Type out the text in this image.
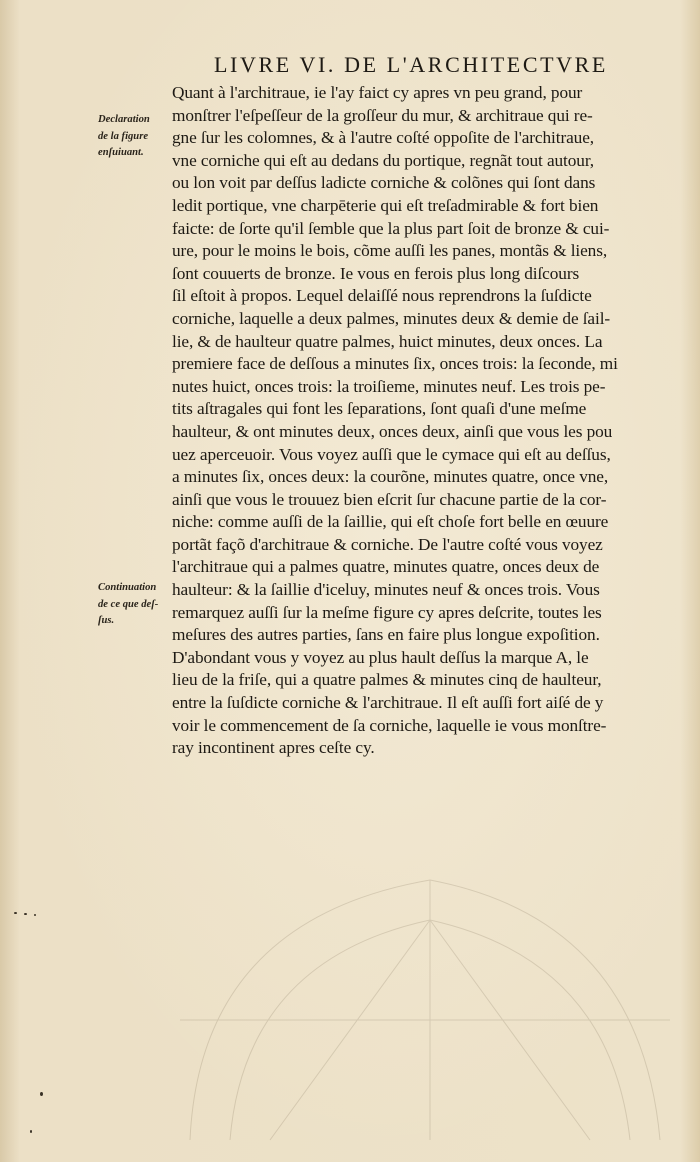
LIVRE VI. DE L'ARCHITECTVRE
Declaration
de la figure
enſuiuant.
Continuation
de ce que deſ-
ſus.
Quant à l'architraue, ie l'ay faict cy apres vn peu grand, pour
monſtrer l'eſpeſſeur de la groſſeur du mur, & architraue qui re-
gne ſur les colomnes, & à l'autre coſté oppoſite de l'architraue,
vne corniche qui eſt au dedans du portique, regnãt tout autour,
ou lon voit par deſſus ladicte corniche & colõnes qui ſont dans
ledit portique, vne charpēterie qui eſt treſadmirable & fort bien
faicte: de ſorte qu'il ſemble que la plus part ſoit de bronze & cui-
ure, pour le moins le bois, cõme auſſi les panes, montãs & liens,
ſont couuerts de bronze. Ie vous en ferois plus long diſcours
ſil eſtoit à propos. Lequel delaiſſé nous reprendrons la ſuſdicte
corniche, laquelle a deux palmes, minutes deux & demie de ſail-
lie, & de haulteur quatre palmes, huict minutes, deux onces. La
premiere face de deſſous a minutes ſix, onces trois: la ſeconde, mi
nutes huict, onces trois: la troiſieme, minutes neuf. Les trois pe-
tits aſtragales qui font les ſeparations, ſont quaſi d'une meſme
haulteur, & ont minutes deux, onces deux, ainſi que vous les pou
uez aperceuoir. Vous voyez auſſi que le cymace qui eſt au deſſus,
a minutes ſix, onces deux: la courõne, minutes quatre, once vne,
ainſi que vous le trouuez bien eſcrit ſur chacune partie de la cor-
niche: comme auſſi de la ſaillie, qui eſt choſe fort belle en œuure
portãt façõ d'architraue & corniche. De l'autre coſté vous voyez
l'architraue qui a palmes quatre, minutes quatre, onces deux de
haulteur: & la ſaillie d'iceluy, minutes neuf & onces trois. Vous
remarquez auſſi ſur la meſme figure cy apres deſcrite, toutes les
meſures des autres parties, ſans en faire plus longue expoſition.
D'abondant vous y voyez au plus hault deſſus la marque A, le
lieu de la friſe, qui a quatre palmes & minutes cinq de haulteur,
entre la ſuſdicte corniche & l'architraue. Il eſt auſſi fort aiſé de y
voir le commencement de ſa corniche, laquelle ie vous monſtre-
ray incontinent apres ceſte cy.
